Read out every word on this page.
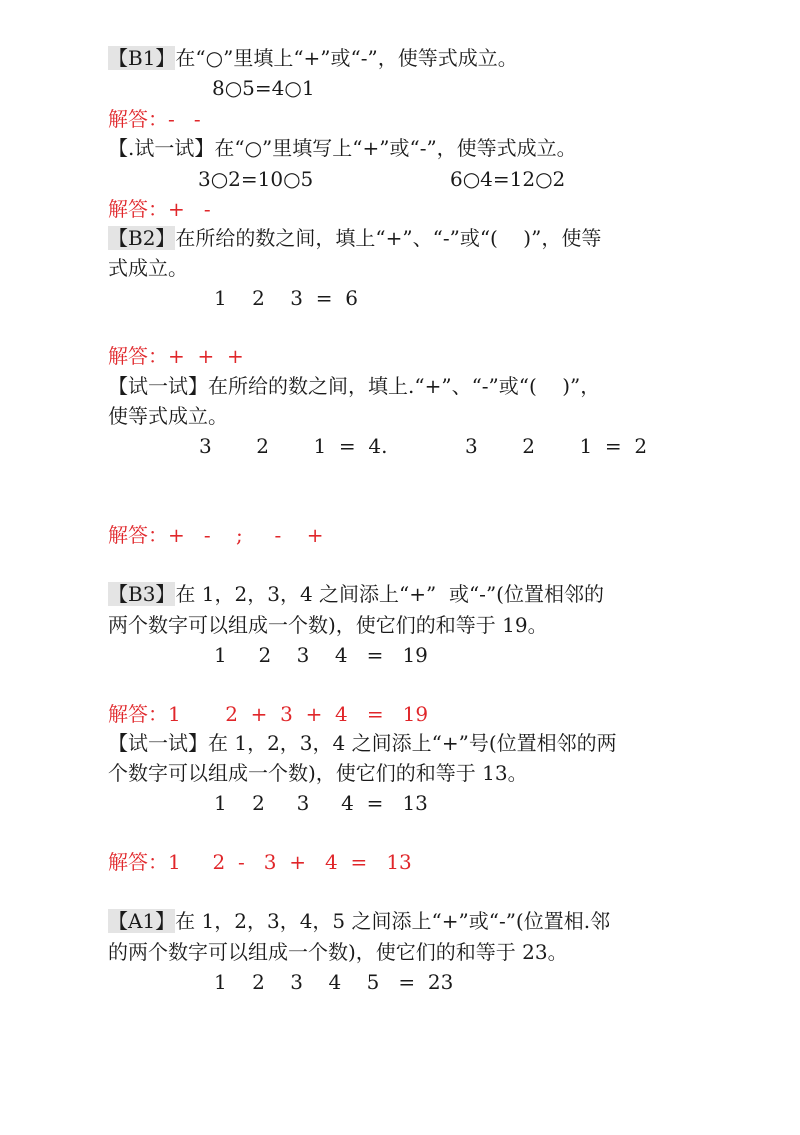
【B1】在“○”里填上“+”或“-”，使等式成立。
8○5=4○1
解答：-   -
【.试一试】在“○”里填写上“+”或“-”，使等式成立。
3○2=10○5	6○4=12○2
解答：+   -
【B2】在所给的数之间，填上“+”、“-”或“(    )”，使等
式成立。
1    2    3  =  6
解答：+  +  +
【试一试】在所给的数之间，填上.“+”、“-”或“(    )”，
使等式成立。
3       2       1  =  4.	3       2       1  =  2
解答：+   -    ;     -    +
【B3】在 1，2，3，4 之间添上“+”  或“-”(位置相邻的
两个数字可以组成一个数)，使它们的和等于 19。
1     2    3    4   =   19
解答：1       2  +  3  +  4   =   19
【试一试】在 1，2，3，4 之间添上“+”号(位置相邻的两
个数字可以组成一个数)，使它们的和等于 13。
1    2     3     4  =   13
解答：1     2  -   3  +   4  =   13
【A1】在 1，2，3，4，5 之间添上“+”或“-”(位置相.邻
的两个数字可以组成一个数)，使它们的和等于 23。
1    2    3    4    5   =  23
